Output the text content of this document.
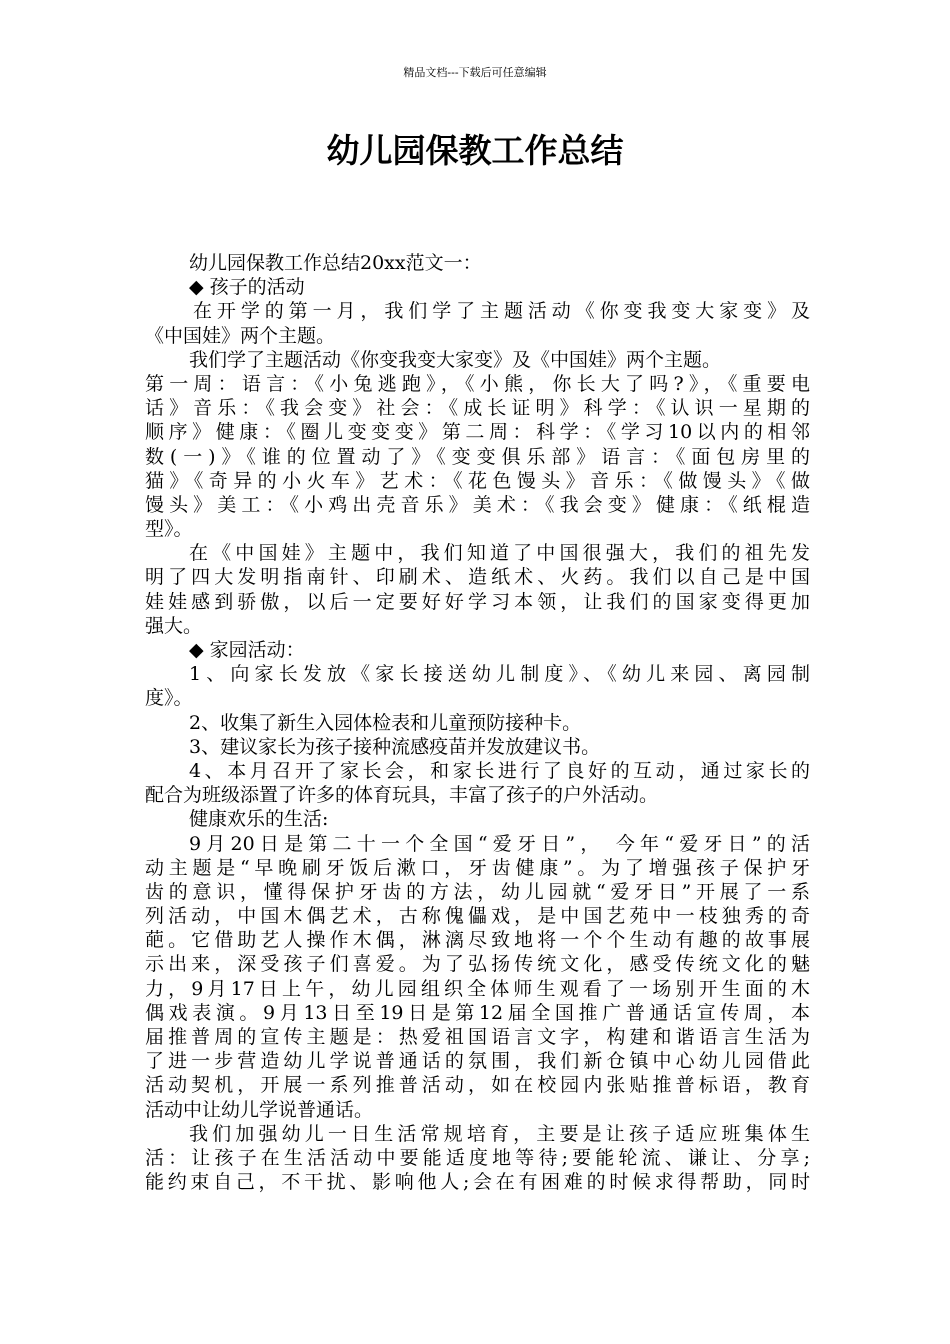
精品文档---下载后可任意编辑
幼儿园保教工作总结
幼儿园保教工作总结20xx范文一：
◆ 孩子的活动
在开学的第一月，我们学了主题活动《你变我变大家变》及
《中国娃》两个主题。
我们学了主题活动《你变我变大家变》及《中国娃》两个主题。
第一周：语言：《小兔逃跑》，《小熊，你长大了吗?》，《重要电
话》音乐：《我会变》社会：《成长证明》科学：《认识一星期的
顺序》健康：《圈儿变变变》第二周：科学：《学习10以内的相邻
数(一)》《谁的位置动了》《变变俱乐部》语言：《面包房里的
猫》《奇异的小火车》艺术：《花色馒头》音乐：《做馒头》《做
馒头》美工：《小鸡出壳音乐》美术：《我会变》健康：《纸棍造
型》。
在《中国娃》主题中，我们知道了中国很强大，我们的祖先发
明了四大发明指南针、印刷术、造纸术、火药。我们以自己是中国
娃娃感到骄傲，以后一定要好好学习本领，让我们的国家变得更加
强大。
◆ 家园活动：
1、向家长发放《家长接送幼儿制度》、《幼儿来园、离园制
度》。
2、收集了新生入园体检表和儿童预防接种卡。
3、建议家长为孩子接种流感疫苗并发放建议书。
4、本月召开了家长会，和家长进行了良好的互动，通过家长的
配合为班级添置了许多的体育玩具，丰富了孩子的户外活动。
健康欢乐的生活:
9月20日是第二十一个全国“爱牙日”， 今年“爱牙日”的活
动主题是“早晚刷牙饭后漱口，牙齿健康”。为了增强孩子保护牙
齿的意识，懂得保护牙齿的方法，幼儿园就“爱牙日”开展了一系
列活动，中国木偶艺术，古称傀儡戏，是中国艺苑中一枝独秀的奇
葩。它借助艺人操作木偶，淋漓尽致地将一个个生动有趣的故事展
示出来，深受孩子们喜爱。为了弘扬传统文化，感受传统文化的魅
力，9月17日上午，幼儿园组织全体师生观看了一场别开生面的木
偶戏表演。9月13日至19日是第12届全国推广普通话宣传周，本
届推普周的宣传主题是：热爱祖国语言文字，构建和谐语言生活为
了进一步营造幼儿学说普通话的氛围，我们新仓镇中心幼儿园借此
活动契机，开展一系列推普活动，如在校园内张贴推普标语，教育
活动中让幼儿学说普通话。
我们加强幼儿一日生活常规培育，主要是让孩子适应班集体生
活：让孩子在生活活动中要能适度地等待;要能轮流、谦让、分享;
能约束自己，不干扰、影响他人;会在有困难的时候求得帮助，同时
